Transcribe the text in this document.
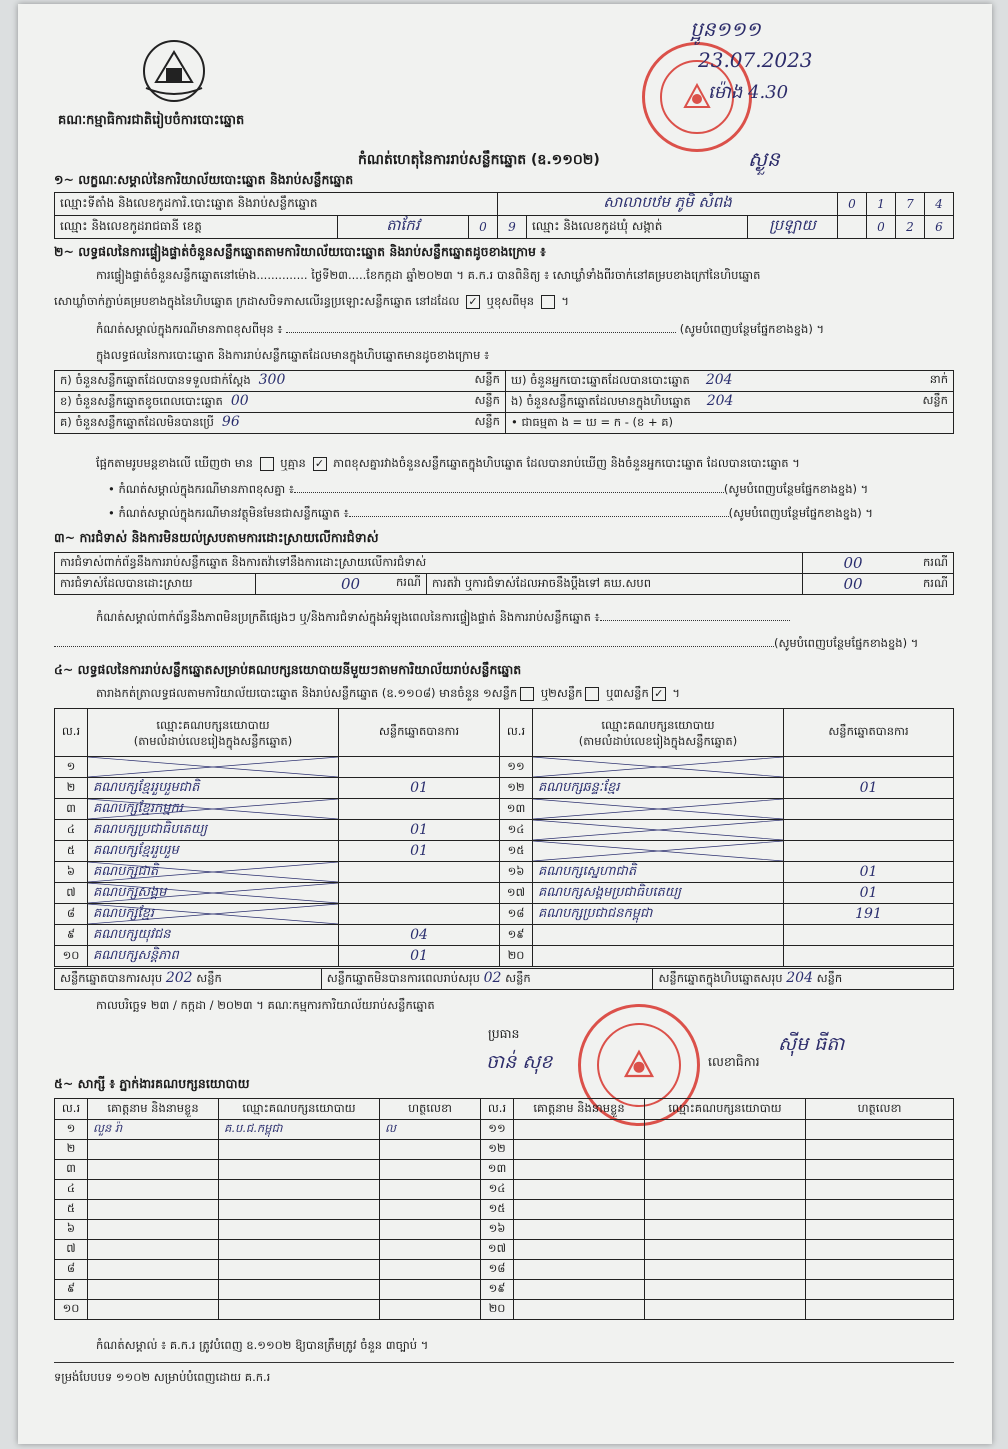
គណៈកម្មាធិការជាតិរៀបចំការបោះឆ្នោត
ប្អូន​១១១
23.07.2023
ម៉ោង 4.30
ស្ងួន
កំណត់ហេតុនៃការរាប់សន្លឹកឆ្នោត (ឧ.១១០២)
១~ លក្ខណៈសម្គាល់នៃការិយាល័យបោះឆ្នោត និងរាប់សន្លឹកឆ្នោត
ឈ្មោះទីតាំង និងលេខកូដការិ.បោះឆ្នោត និងរាប់សន្លឹកឆ្នោត			សាលាបឋម ភូមិ សំពង			0	1	7	4
ឈ្មោះ និងលេខកូដរាជធានី ខេត្ត	តាកែវ	0	9	ឈ្មោះ និងលេខកូដឃុំ សង្កាត់	ប្រឡាយ		0	2	6
២~ លទ្ធផលនៃការផ្ទៀងផ្ទាត់ចំនួនសន្លឹកឆ្នោតតាមការិយាល័យបោះឆ្នោត និងរាប់សន្លឹកឆ្នោតដូចខាងក្រោម ៖
ការផ្ទៀងផ្ទាត់ចំនួនសន្លឹកឆ្នោតនៅម៉ោង.............. ថ្ងៃទី២៣.....ខែកក្កដា ឆ្នាំ២០២៣ ។ គ.ក.រ បានពិនិត្យ ៖ សោឃ្លាំទាំងពីរចាក់នៅគម្របខាងក្រៅនៃហិបឆ្នោត
សោឃ្លាំចាក់ភ្ជាប់គម្របខាងក្នុងនៃហិបឆ្នោត ក្រដាសបិទភាសលើរន្ធប្រឡោះសន្លឹកឆ្នោត នៅដដែល ✓ ឬខុសពីមុន  ។
កំណត់សម្គាល់ក្នុងករណីមានភាពខុសពីមុន ៖	(សូមបំពេញបន្ថែមផ្នែកខាងខ្នង) ។
ក្នុងលទ្ធផលនៃការបោះឆ្នោត និងការរាប់សន្លឹកឆ្នោតដែលមានក្នុងហិបឆ្នោតមានដូចខាងក្រោម ៖
ក) ចំនួនសន្លឹកឆ្នោតដែលបានទទួលជាក់ស្តែង 300 សន្លឹក	ឃ) ចំនួនអ្នកបោះឆ្នោតដែលបានបោះឆ្នោត 204 នាក់

ខ) ចំនួនសន្លឹកឆ្នោតខូចពេលបោះឆ្នោត 00 សន្លឹក	ង) ចំនួនសន្លឹកឆ្នោតដែលមានក្នុងហិបឆ្នោត 204 សន្លឹក

គ) ចំនួនសន្លឹកឆ្នោតដែលមិនបានប្រើ 96 សន្លឹក	• ជាធម្មតា ង = ឃ = ក - (ខ + គ)
ផ្អែកតាមរូបមន្តខាងលើ ឃើញថា មាន ឬគ្មាន ✓ ភាពខុសគ្នារវាងចំនួនសន្លឹកឆ្នោតក្នុងហិបឆ្នោត ដែលបានរាប់ឃើញ និងចំនួនអ្នកបោះឆ្នោត ដែលបានបោះឆ្នោត ។
• កំណត់សម្គាល់ក្នុងករណីមានភាពខុសគ្នា ៖	(សូមបំពេញបន្ថែមផ្នែកខាងខ្នង) ។
• កំណត់សម្គាល់ក្នុងករណីមានវត្ថុមិនមែនជាសន្លឹកឆ្នោត ៖	(សូមបំពេញបន្ថែមផ្នែកខាងខ្នង) ។
៣~ ការជំទាស់ និងការមិនយល់ស្របតាមការដោះស្រាយលើការជំទាស់
ការជំទាស់ពាក់ព័ន្ធនឹងការរាប់សន្លឹកឆ្នោត និងការតវ៉ាទៅនឹងការដោះស្រាយលើការជំទាស់			00	ករណី
ការជំទាស់ដែលបានដោះស្រាយ	00 ករណី	ការតវ៉ា ឬការជំទាស់ដែលអាចនឹងប្តឹងទៅ គឃ.សបព	00	ករណី
កំណត់សម្គាល់ពាក់ព័ន្ធនឹងភាពមិនប្រក្រតីផ្សេងៗ ឬ/និងការជំទាស់ក្នុងអំឡុងពេលនៃការផ្ទៀងផ្ទាត់ និងការរាប់សន្លឹកឆ្នោត ៖
(សូមបំពេញបន្ថែមផ្នែកខាងខ្នង) ។
៤~ លទ្ធផលនៃការរាប់សន្លឹកឆ្នោតសម្រាប់គណបក្សនយោបាយនីមួយៗតាមការិយាល័យរាប់សន្លឹកឆ្នោត
តារាងកត់ត្រាលទ្ធផលតាមការិយាល័យបោះឆ្នោត និងរាប់សន្លឹកឆ្នោត (ឧ.១១០៨) មានចំនួន ១សន្លឹក ឬ២សន្លឹក ឬ៣សន្លឹក ✓ ។
ល.រ	ឈ្មោះគណបក្សនយោបាយ
(តាមលំដាប់លេខរៀងក្នុងសន្លឹកឆ្នោត)	សន្លឹកឆ្នោតបានការ	ល.រ	ឈ្មោះគណបក្សនយោបាយ
(តាមលំដាប់លេខរៀងក្នុងសន្លឹកឆ្នោត)	សន្លឹកឆ្នោតបានការ
១			១១	

២	គណបក្សខ្មែររួបរួមជាតិ	01	១២	គណបក្សឆន្ទៈខ្មែរ	01
៣	គណបក្សខ្មែរកម្មករ		១៣	

៤	គណបក្សប្រជាធិបតេយ្យ	01	១៤	

៥	គណបក្សខ្មែររួបរួម	01	១៥	

៦	គណបក្សជាតិ		១៦	គណបក្សស្នេហាជាតិ	01
៧	គណបក្សសង្គម		១៧	គណបក្សសង្គមប្រជាធិបតេយ្យ	01
៨	គណបក្សខ្មែរ		១៨	គណបក្សប្រជាជនកម្ពុជា	191
៩	គណបក្សយុវជន	04	១៩		
១០	គណបក្សសន្តិភាព	01	២០		
សន្លឹកឆ្នោតបានការសរុប 202 សន្លឹក	សន្លឹកឆ្នោតមិនបានការពេលរាប់សរុប 02 សន្លឹក	សន្លឹកឆ្នោតក្នុងហិបឆ្នោតសរុប 204 សន្លឹក
កាលបរិច្ឆេទ ២៣ / កក្កដា / ២០២៣ ។ គណៈកម្មការការិយាល័យរាប់សន្លឹកឆ្នោត
ប្រធាន
ចាន់ សុខ	លេខាធិការ
ស៊ីម ធីតា
៥~ សាក្សី ៖ ភ្នាក់ងារគណបក្សនយោបាយ
ល.រ	គោត្តនាម និងនាមខ្លួន	ឈ្មោះគណបក្សនយោបាយ	ហត្ថលេខា	ល.រ	គោត្តនាម និងនាមខ្លួន	ឈ្មោះគណបក្សនយោបាយ	ហត្ថលេខា
១	លួន រ៉ា	គ.ប.ជ.កម្ពុជា	ល	១១			
២				១២			
៣				១៣			
៤				១៤			
៥				១៥			
៦				១៦			
៧				១៧			
៨				១៨			
៩				១៩			
១០				២០			
កំណត់សម្គាល់ ៖ គ.ក.រ ត្រូវបំពេញ ឧ.១១០២ ឱ្យបានត្រឹមត្រូវ ចំនួន ៣ច្បាប់ ។
ទម្រង់បែបបទ ១១០២ សម្រាប់បំពេញដោយ គ.ក.រ
